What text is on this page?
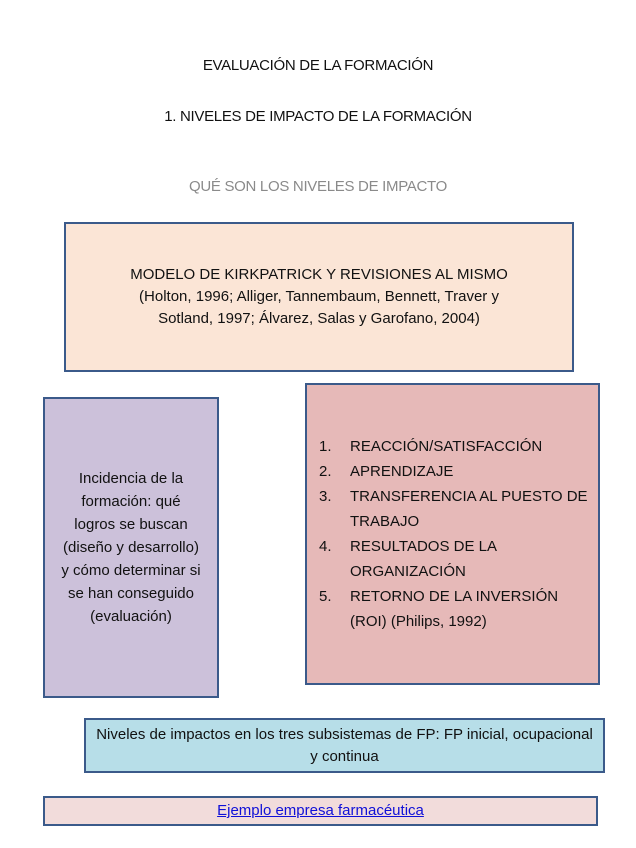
EVALUACIÓN DE LA FORMACIÓN
1. NIVELES DE IMPACTO DE LA FORMACIÓN
QUÉ SON LOS NIVELES DE IMPACTO
MODELO DE KIRKPATRICK Y REVISIONES AL MISMO
(Holton, 1996; Alliger, Tannembaum, Bennett, Traver y
Sotland, 1997; Álvarez, Salas y Garofano, 2004)
Incidencia de la formación: qué logros se buscan (diseño y desarrollo) y cómo determinar si se han conseguido (evaluación)
1.	REACCIÓN/SATISFACCIÓN
2.	APRENDIZAJE
3.	TRANSFERENCIA AL PUESTO DE TRABAJO
4.	RESULTADOS DE LA ORGANIZACIÓN
5.	RETORNO DE LA INVERSIÓN (ROI) (Philips, 1992)
Niveles de impactos en los tres subsistemas de FP: FP inicial, ocupacional y continua
Ejemplo empresa farmacéutica
